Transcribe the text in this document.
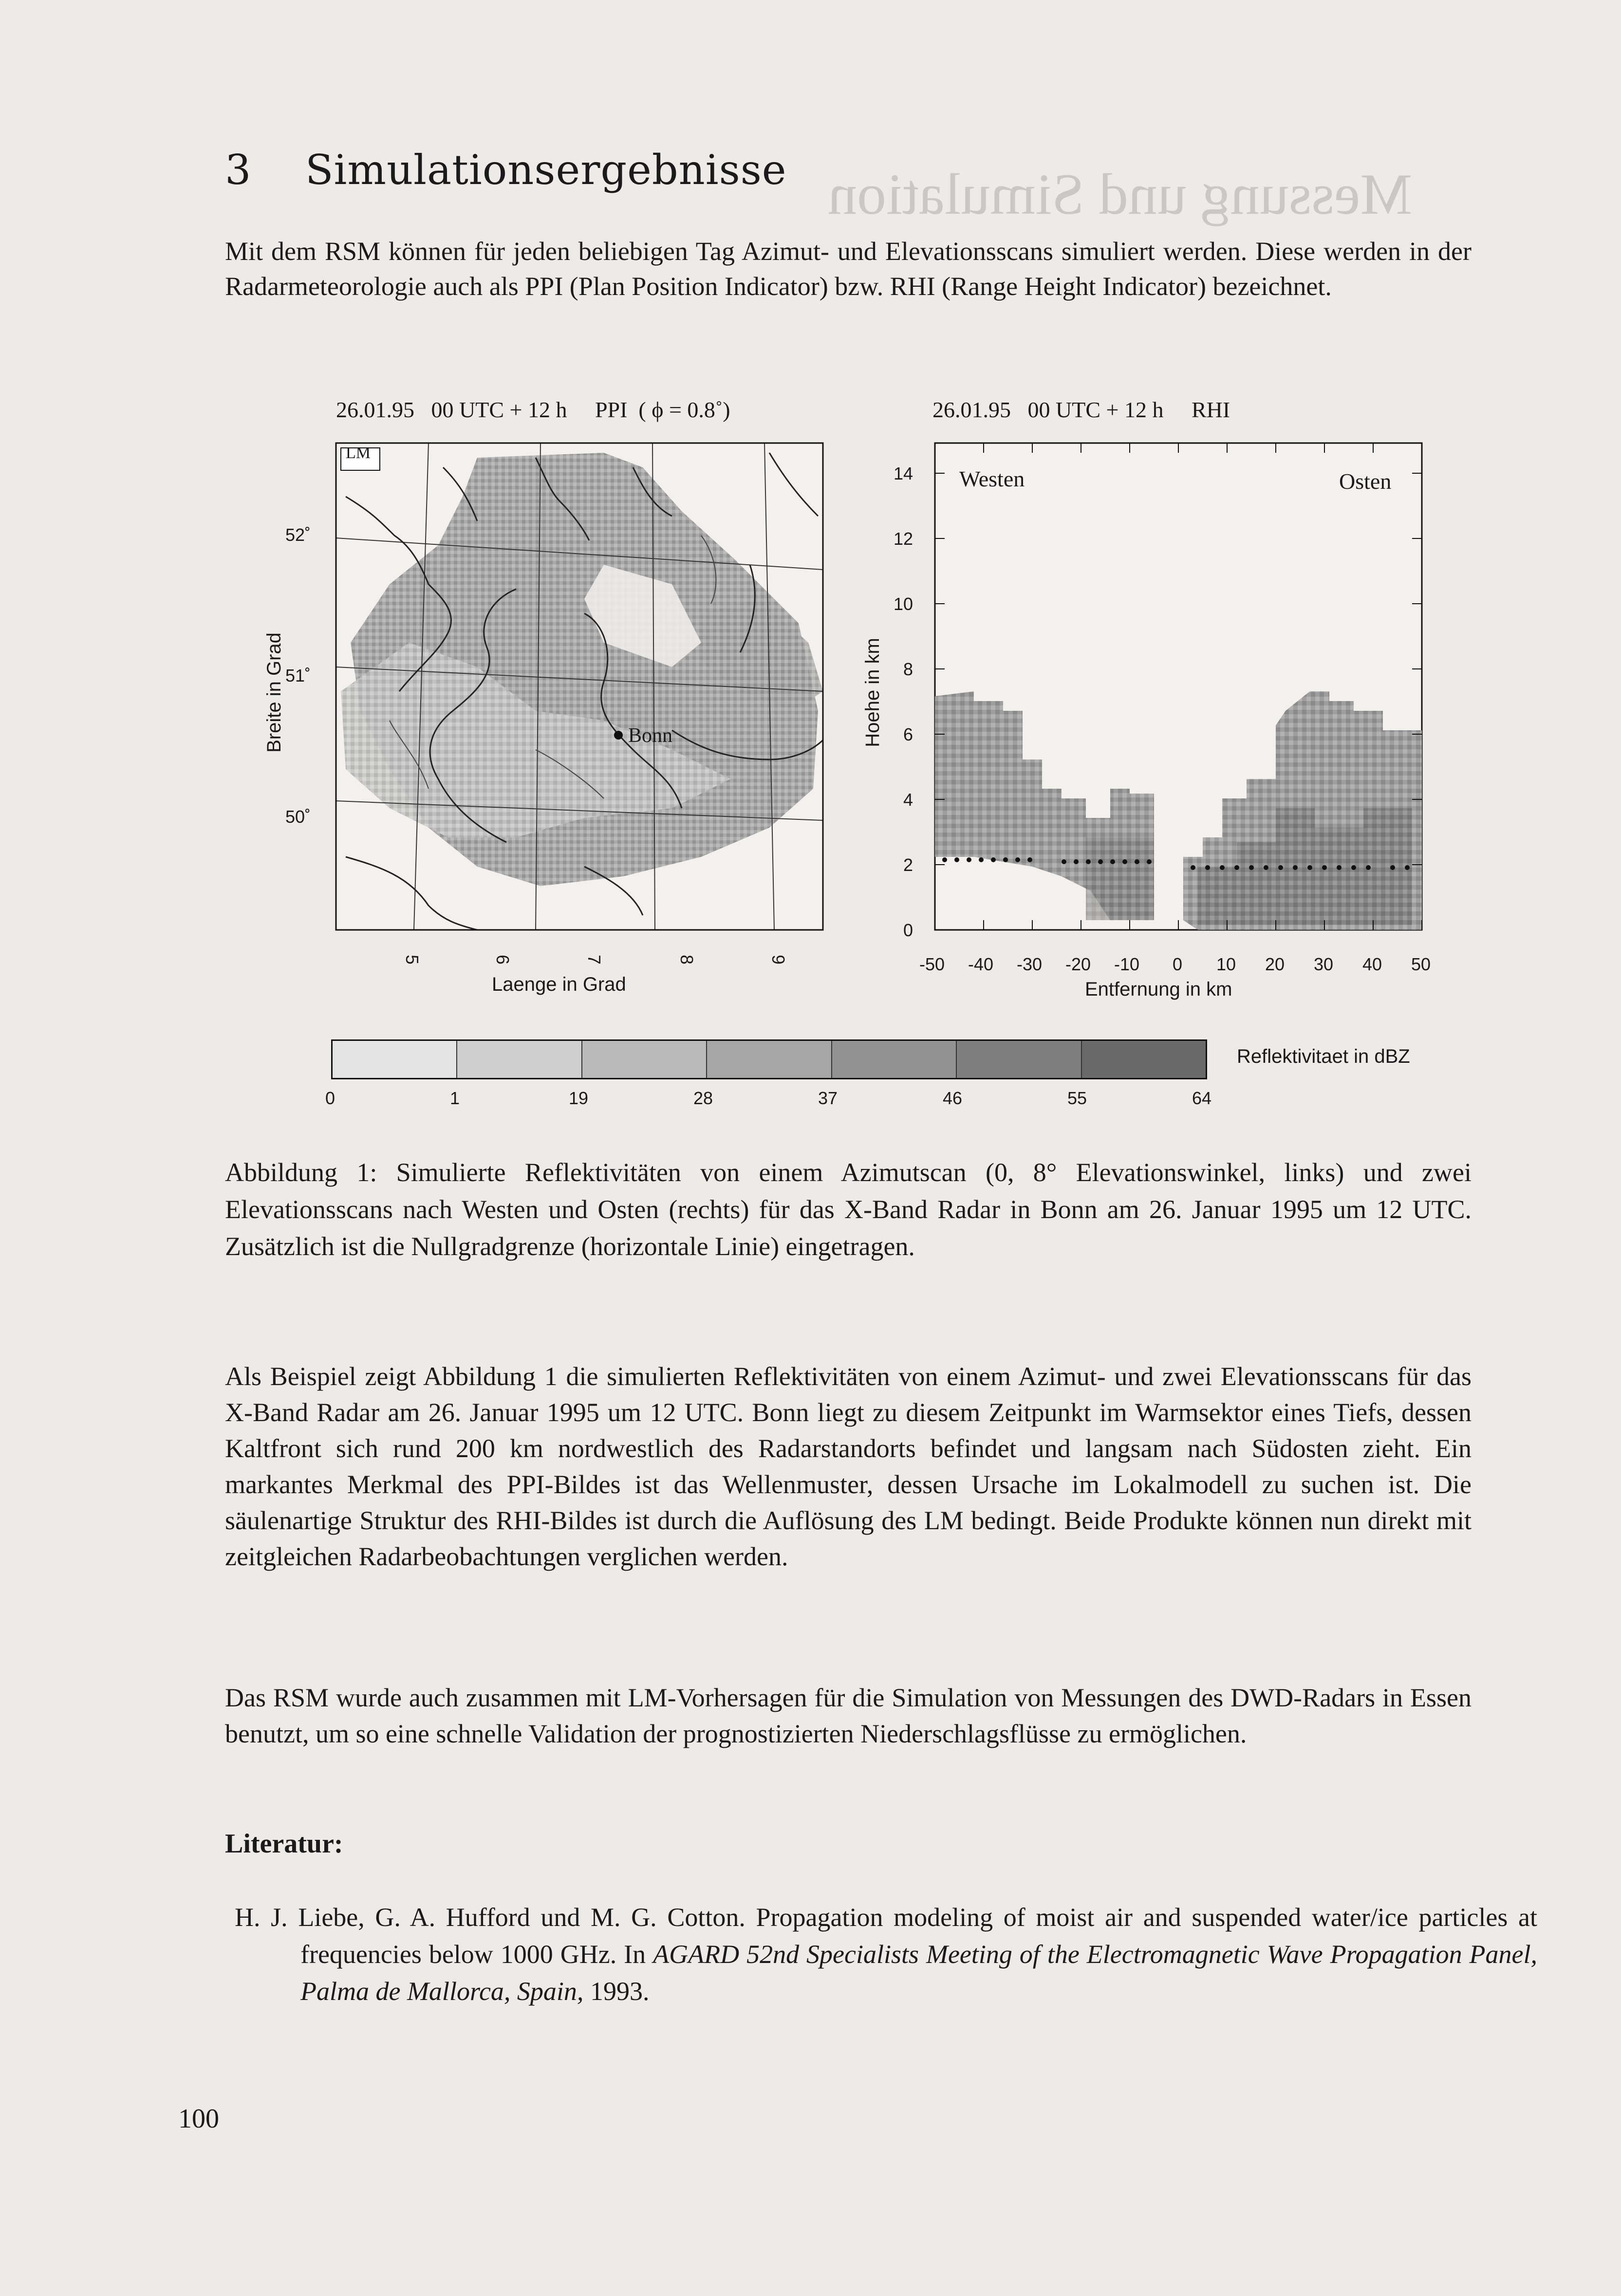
Messung und Simulation
3 Simulationsergebnisse

Mit dem RSM können für jeden beliebigen Tag Azimut- und Elevationsscans simuliert werden. Diese werden in der Radarmeteorologie auch als PPI (Plan Position Indicator) bzw. RHI (Range Height Indicator) bezeichnet.

26.01.95   00 UTC + 12 h     PPI  ( ϕ = 0.8˚)	26.01.95   00 UTC + 12 h     RHI
LM
Bonn
52˚
51˚
50˚
5	6	7	8	9
Laenge in Grad
Breite in Grad
Westen	Osten
0
2
4
6
8
10
12
14
-50 -40 -30 -20 -10 0 10 20 30 40 50
Entfernung in km
Hoehe in km
Reflektivitaet in dBZ
0	1	19	28	37	46	55	64

Abbildung 1: Simulierte Reflektivitäten von einem Azimutscan (0, 8° Elevationswinkel, links) und zwei Elevationsscans nach Westen und Osten (rechts) für das X-Band Radar in Bonn am 26. Januar 1995 um 12 UTC. Zusätzlich ist die Nullgradgrenze (horizontale Linie) eingetragen.

Als Beispiel zeigt Abbildung 1 die simulierten Reflektivitäten von einem Azimut- und zwei Elevationsscans für das X-Band Radar am 26. Januar 1995 um 12 UTC. Bonn liegt zu diesem Zeitpunkt im Warmsektor eines Tiefs, dessen Kaltfront sich rund 200 km nordwestlich des Radarstandorts befindet und langsam nach Südosten zieht. Ein markantes Merkmal des PPI-Bildes ist das Wellenmuster, dessen Ursache im Lokalmodell zu suchen ist. Die säulenartige Struktur des RHI-Bildes ist durch die Auflösung des LM bedingt. Beide Produkte können nun direkt mit zeitgleichen Radarbeobachtungen verglichen werden.

Das RSM wurde auch zusammen mit LM-Vorhersagen für die Simulation von Messungen des DWD-Radars in Essen benutzt, um so eine schnelle Validation der prognostizierten Niederschlagsflüsse zu ermöglichen.

Literatur:

H. J. Liebe, G. A. Hufford und M. G. Cotton. Propagation modeling of moist air and suspended water/ice particles at frequencies below 1000 GHz. In AGARD 52nd Specialists Meeting of the Electromagnetic Wave Propagation Panel, Palma de Mallorca, Spain, 1993.

100
